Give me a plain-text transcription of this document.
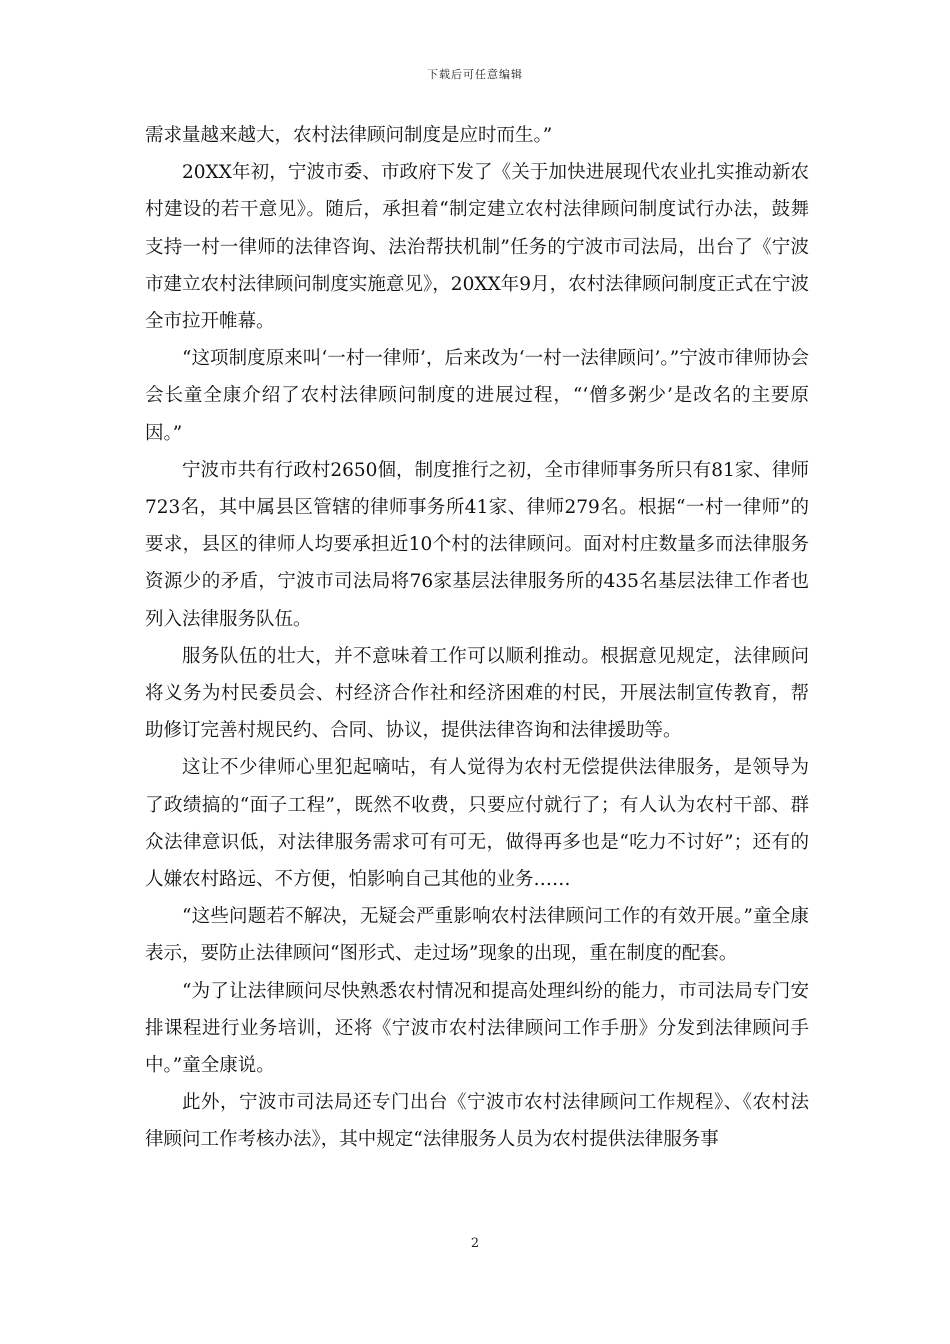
下载后可任意编辑

需求量越来越大，农村法律顾问制度是应时而生。”

20XX年初，宁波市委、市政府下发了《关于加快进展现代农业扎实推动新农村建设的若干意见》。随后，承担着“制定建立农村法律顾问制度试行办法，鼓舞支持一村一律师的法律咨询、法治帮扶机制”任务的宁波市司法局，出台了《宁波市建立农村法律顾问制度实施意见》，20XX年9月，农村法律顾问制度正式在宁波全市拉开帷幕。

“这项制度原来叫‘一村一律师’，后来改为‘一村一法律顾问’。”宁波市律师协会会长童全康介绍了农村法律顾问制度的进展过程，“‘僧多粥少’是改名的主要原因。”

宁波市共有行政村2650個，制度推行之初，全市律师事务所只有81家、律师723名，其中属县区管辖的律师事务所41家、律师279名。根据“一村一律师”的要求，县区的律师人均要承担近10个村的法律顾问。面对村庄数量多而法律服务资源少的矛盾，宁波市司法局将76家基层法律服务所的435名基层法律工作者也列入法律服务队伍。

服务队伍的壮大，并不意味着工作可以顺利推动。根据意见规定，法律顾问将义务为村民委员会、村经济合作社和经济困难的村民，开展法制宣传教育，帮助修订完善村规民约、合同、协议，提供法律咨询和法律援助等。

这让不少律师心里犯起嘀咕，有人觉得为农村无偿提供法律服务，是领导为了政绩搞的“面子工程”，既然不收费，只要应付就行了；有人认为农村干部、群众法律意识低，对法律服务需求可有可无，做得再多也是“吃力不讨好”；还有的人嫌农村路远、不方便，怕影响自己其他的业务……

“这些问题若不解决，无疑会严重影响农村法律顾问工作的有效开展。”童全康表示，要防止法律顾问“图形式、走过场”现象的出现，重在制度的配套。

“为了让法律顾问尽快熟悉农村情况和提高处理纠纷的能力，市司法局专门安排课程进行业务培训，还将《宁波市农村法律顾问工作手册》分发到法律顾问手中。”童全康说。

此外，宁波市司法局还专门出台《宁波市农村法律顾问工作规程》、《农村法律顾问工作考核办法》，其中规定“法律服务人员为农村提供法律服务事

2
